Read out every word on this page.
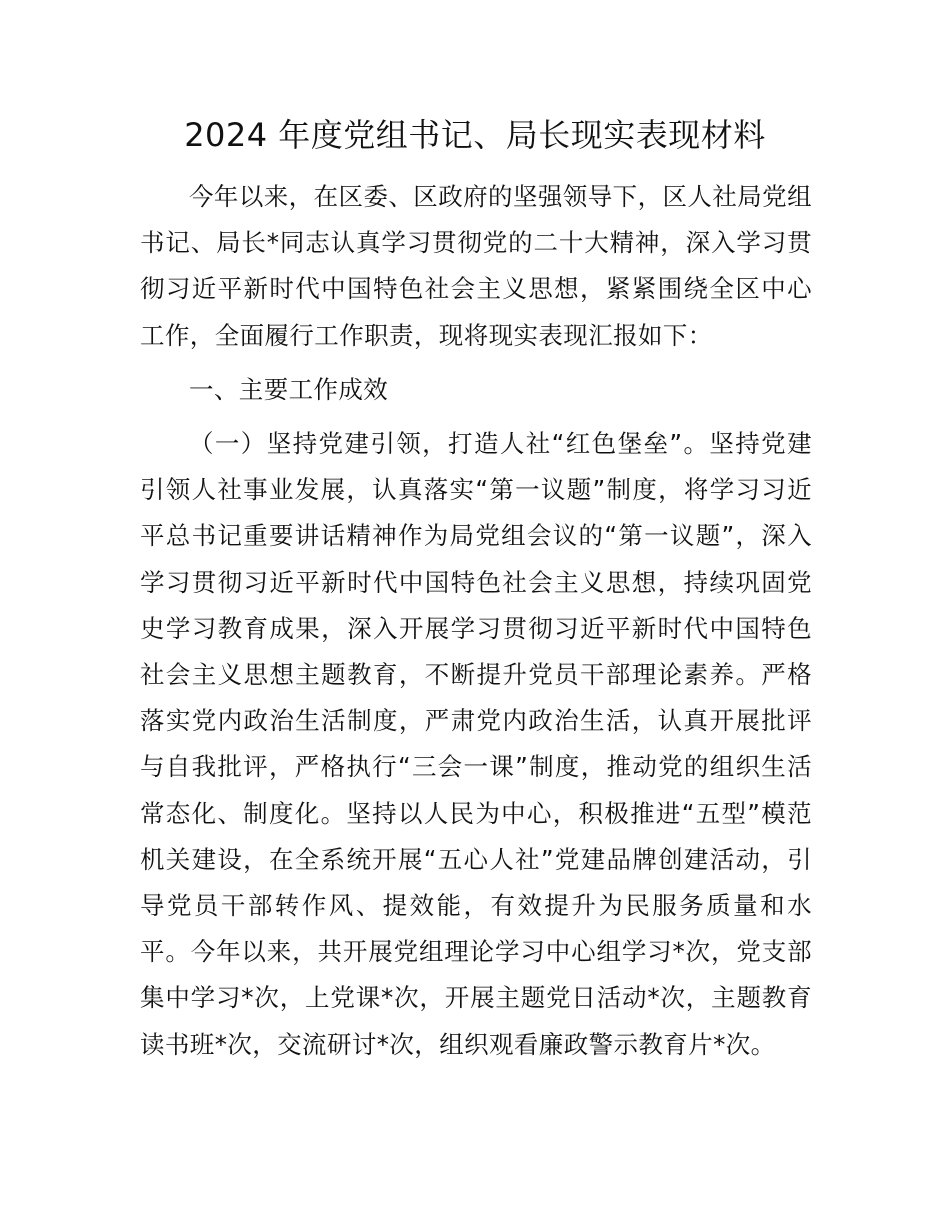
2024 年度党组书记、局长现实表现材料

今年以来，在区委、区政府的坚强领导下，区人社局党组书记、局长*同志认真学习贯彻党的二十大精神，深入学习贯彻习近平新时代中国特色社会主义思想，紧紧围绕全区中心工作，全面履行工作职责，现将现实表现汇报如下：

一、主要工作成效

（一）坚持党建引领，打造人社“红色堡垒”。坚持党建引领人社事业发展，认真落实“第一议题”制度，将学习习近平总书记重要讲话精神作为局党组会议的“第一议题”，深入学习贯彻习近平新时代中国特色社会主义思想，持续巩固党史学习教育成果，深入开展学习贯彻习近平新时代中国特色社会主义思想主题教育，不断提升党员干部理论素养。严格落实党内政治生活制度，严肃党内政治生活，认真开展批评与自我批评，严格执行“三会一课”制度，推动党的组织生活常态化、制度化。坚持以人民为中心，积极推进“五型”模范机关建设，在全系统开展“五心人社”党建品牌创建活动，引导党员干部转作风、提效能，有效提升为民服务质量和水平。今年以来，共开展党组理论学习中心组学习*次，党支部集中学习*次，上党课*次，开展主题党日活动*次，主题教育读书班*次，交流研讨*次，组织观看廉政警示教育片*次。
